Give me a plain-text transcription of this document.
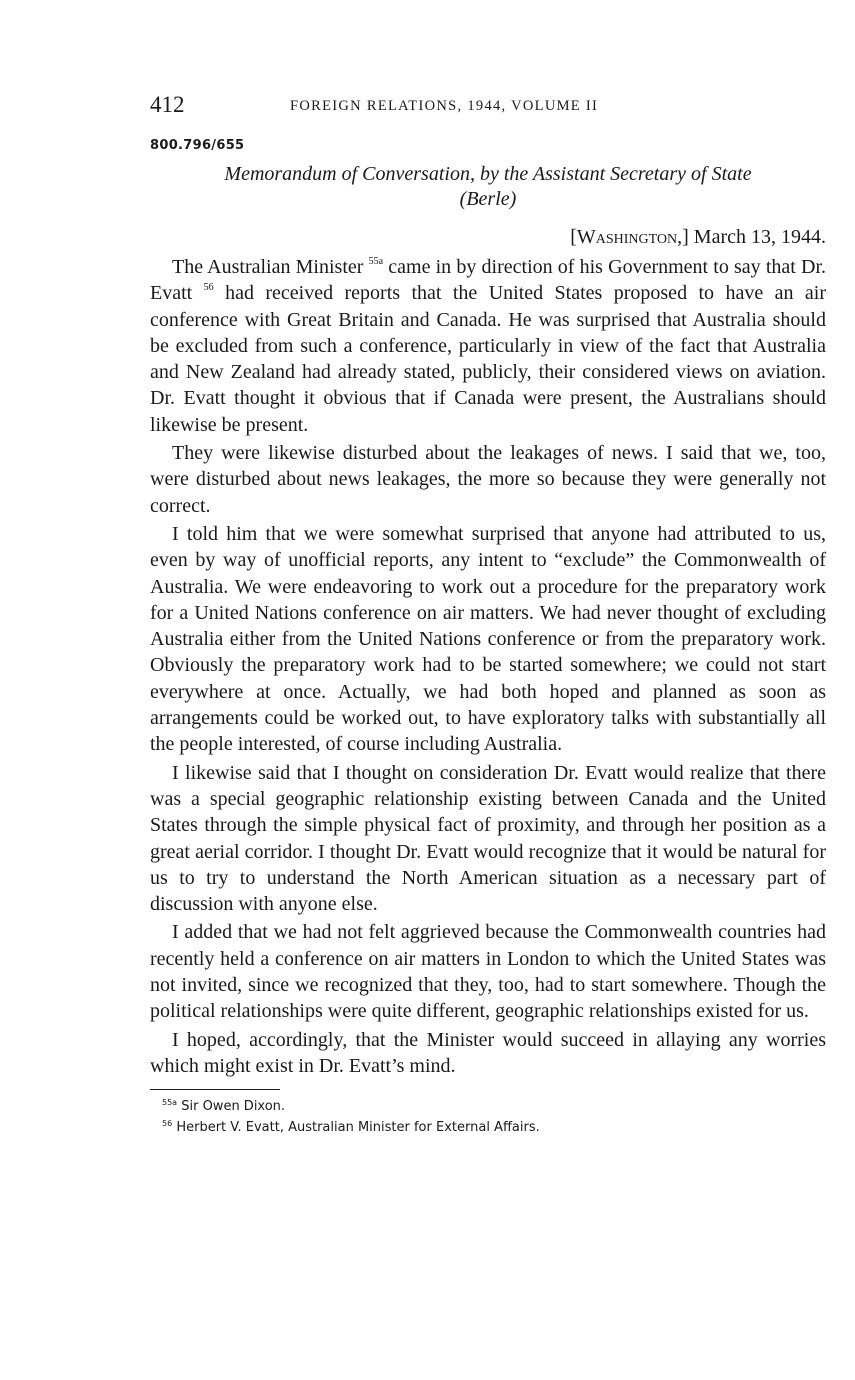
412	FOREIGN RELATIONS, 1944, VOLUME II
800.796/655
Memorandum of Conversation, by the Assistant Secretary of State
(Berle)
[Washington,] March 13, 1944.

The Australian Minister $^{55a}$ came in by direction of his Government to say that Dr. Evatt $^{56}$ had received reports that the United States proposed to have an air conference with Great Britain and Canada. He was surprised that Australia should be excluded from such a conference, particularly in view of the fact that Australia and New Zealand had already stated, publicly, their considered views on aviation. Dr. Evatt thought it obvious that if Canada were present, the Australians should likewise be present.

They were likewise disturbed about the leakages of news. I said that we, too, were disturbed about news leakages, the more so because they were generally not correct.

I told him that we were somewhat surprised that anyone had attributed to us, even by way of unofficial reports, any intent to “exclude” the Commonwealth of Australia. We were endeavoring to work out a procedure for the preparatory work for a United Nations conference on air matters. We had never thought of excluding Australia either from the United Nations conference or from the preparatory work. Obviously the preparatory work had to be started somewhere; we could not start everywhere at once. Actually, we had both hoped and planned as soon as arrangements could be worked out, to have exploratory talks with substantially all the people interested, of course including Australia.

I likewise said that I thought on consideration Dr. Evatt would realize that there was a special geographic relationship existing between Canada and the United States through the simple physical fact of proximity, and through her position as a great aerial corridor. I thought Dr. Evatt would recognize that it would be natural for us to try to understand the North American situation as a necessary part of discussion with anyone else.

I added that we had not felt aggrieved because the Commonwealth countries had recently held a conference on air matters in London to which the United States was not invited, since we recognized that they, too, had to start somewhere. Though the political relationships were quite different, geographic relationships existed for us.

I hoped, accordingly, that the Minister would succeed in allaying any worries which might exist in Dr. Evatt’s mind.

$^{55a}$ Sir Owen Dixon.
$^{56}$ Herbert V. Evatt, Australian Minister for External Affairs.
